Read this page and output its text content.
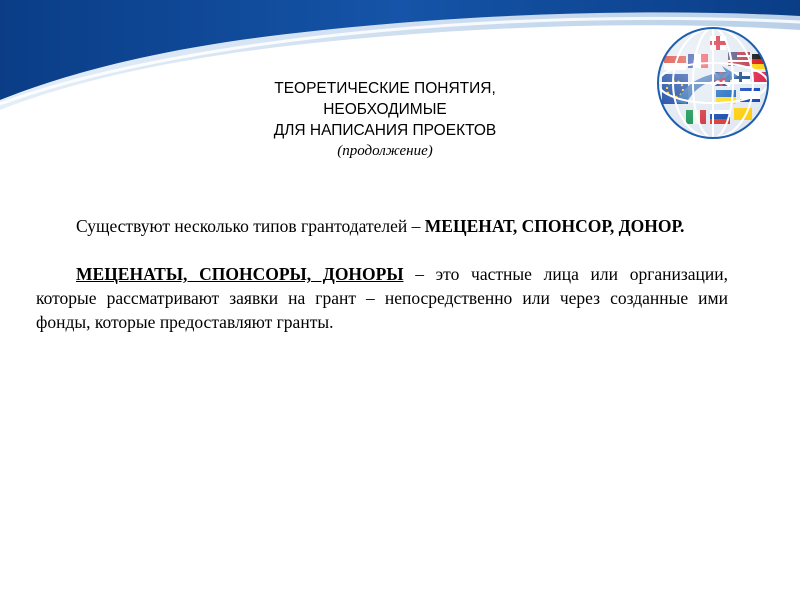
ТЕОРЕТИЧЕСКИЕ ПОНЯТИЯ,
НЕОБХОДИМЫЕ
ДЛЯ НАПИСАНИЯ ПРОЕКТОВ
(продолжение)

Существуют несколько типов грантодателей – МЕЦЕНАТ, СПОНСОР, ДОНОР.

МЕЦЕНАТЫ, СПОНСОРЫ, ДОНОРЫ – это частные лица или организации, которые рассматривают заявки на грант – непосредственно или через созданные ими фонды, которые предоставляют гранты.
